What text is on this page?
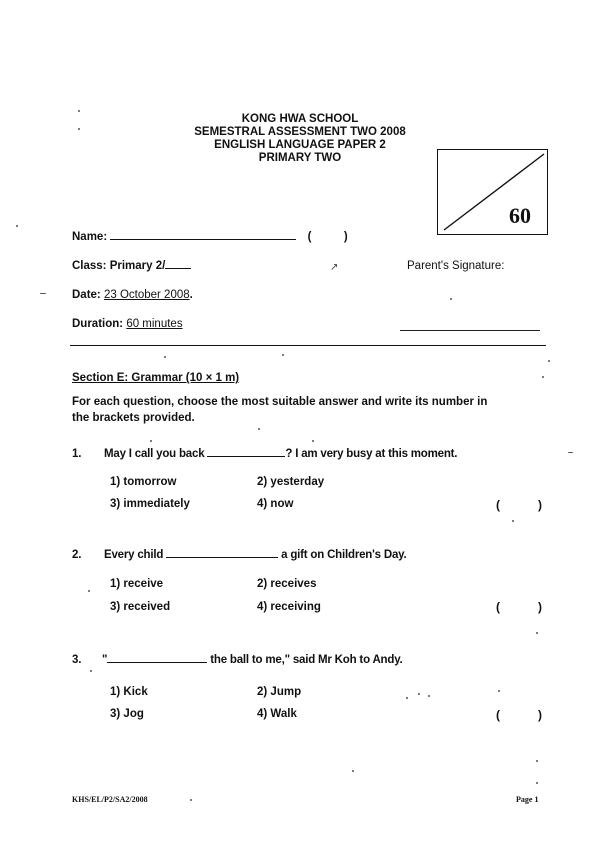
KONG HWA SCHOOL
SEMESTRAL ASSESSMENT TWO 2008
ENGLISH LANGUAGE PAPER 2
PRIMARY TWO
60
Name:	(	)
Class: Primary 2/	↗	Parent's Signature:
Date: 23 October 2008.
Duration: 60 minutes
Section E: Grammar (10 × 1 m)
For each question, choose the most suitable answer and write its number in
the brackets provided.
1. May I call you back	? I am very busy at this moment.
1) tomorrow	2) yesterday
3) immediately	4) now	(	)
2. Every child	a gift on Children's Day.
1) receive	2) receives
3) received	4) receiving	(	)
3. "	the ball to me," said Mr Koh to Andy.
1) Kick	2) Jump
3) Jog	4) Walk	(	)
KHS/EL/P2/SA2/2008	Page 1
